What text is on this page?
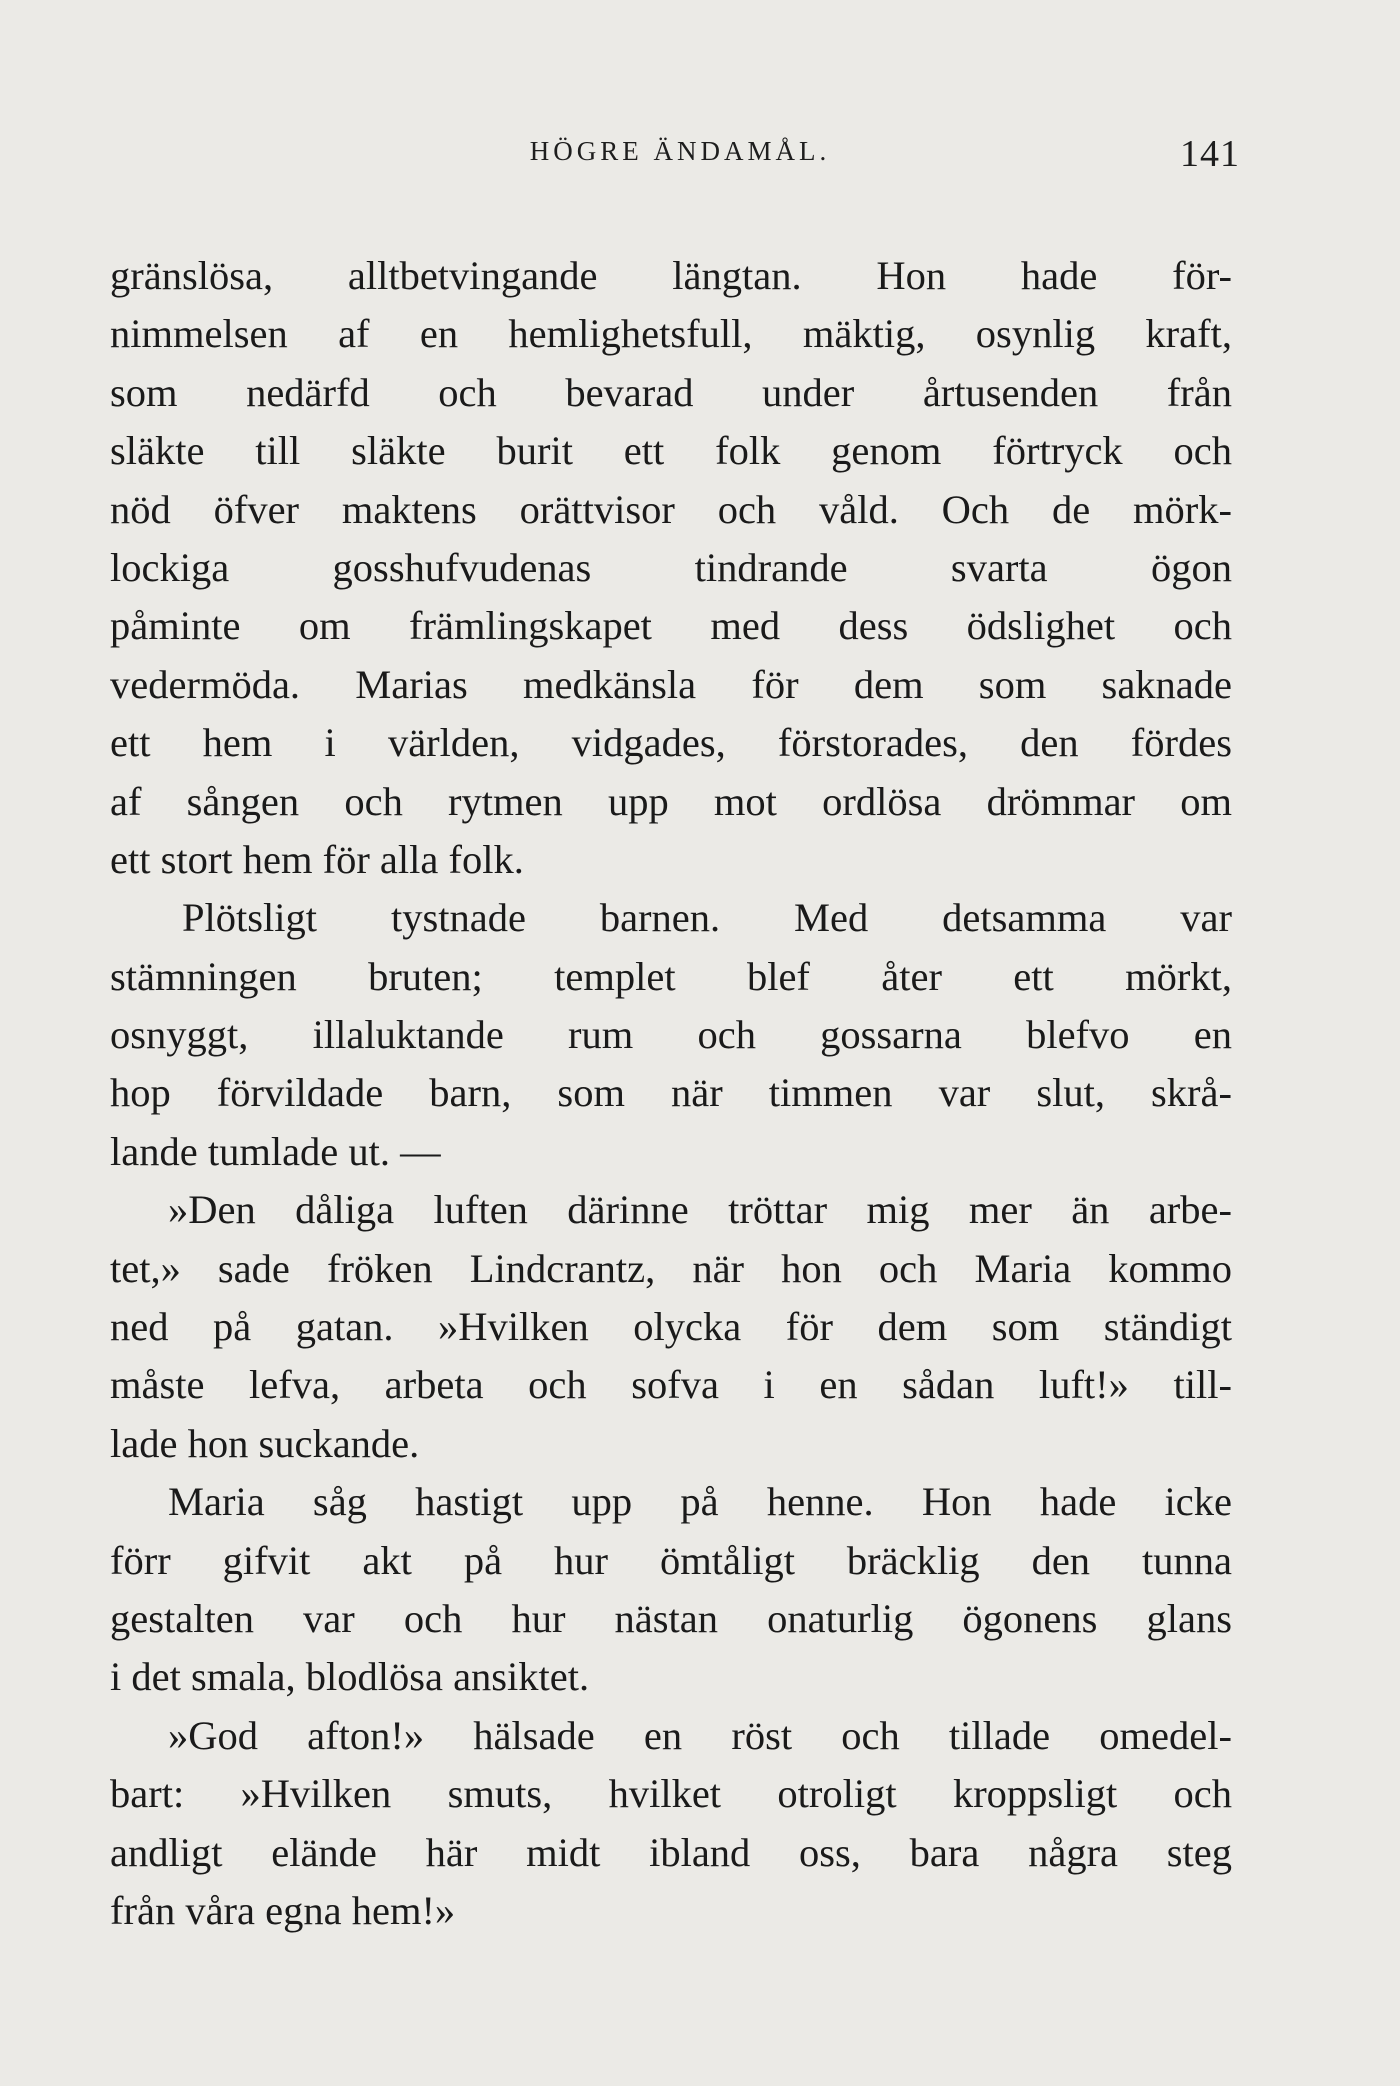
HÖGRE ÄNDAMÅL.	141
gränslösa, alltbetvingande längtan. Hon hade för-
nimmelsen af en hemlighetsfull, mäktig, osynlig kraft,
som nedärfd och bevarad under årtusenden från
släkte till släkte burit ett folk genom förtryck och
nöd öfver maktens orättvisor och våld. Och de mörk-
lockiga gosshufvudenas tindrande svarta ögon
påminte om främlingskapet med dess ödslighet och
vedermöda. Marias medkänsla för dem som saknade
ett hem i världen, vidgades, förstorades, den fördes
af sången och rytmen upp mot ordlösa drömmar om
ett stort hem för alla folk.
Plötsligt tystnade barnen. Med detsamma var
stämningen bruten; templet blef åter ett mörkt,
osnyggt, illaluktande rum och gossarna blefvo en
hop förvildade barn, som när timmen var slut, skrå-
lande tumlade ut. —
»Den dåliga luften därinne tröttar mig mer än arbe-
tet,» sade fröken Lindcrantz, när hon och Maria kommo
ned på gatan. »Hvilken olycka för dem som ständigt
måste lefva, arbeta och sofva i en sådan luft!» till-
lade hon suckande.
Maria såg hastigt upp på henne. Hon hade icke
förr gifvit akt på hur ömtåligt bräcklig den tunna
gestalten var och hur nästan onaturlig ögonens glans
i det smala, blodlösa ansiktet.
»God afton!» hälsade en röst och tillade omedel-
bart: »Hvilken smuts, hvilket otroligt kroppsligt och
andligt elände här midt ibland oss, bara några steg
från våra egna hem!»
